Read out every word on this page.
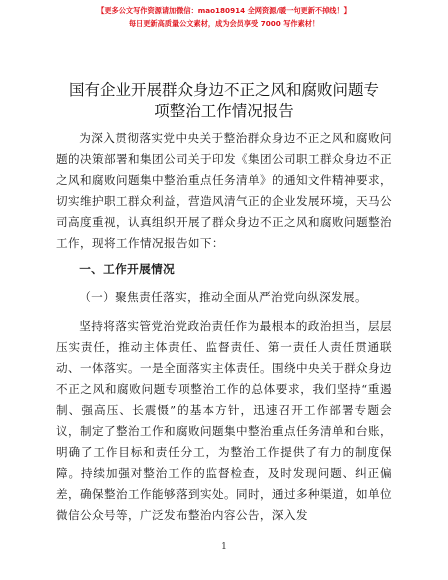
【更多公文写作资源请加微信：mao180914 全网资源/暖一句更新不掉线！】
每日更新高质量公文素材，成为会员享受 7000 写作素材！
国有企业开展群众身边不正之风和腐败问题专
项整治工作情况报告

为深入贯彻落实党中央关于整治群众身边不正之风和腐败问题的决策部署和集团公司关于印发《集团公司职工群众身边不正之风和腐败问题集中整治重点任务清单》的通知文件精神要求，切实维护职工群众利益，营造风清气正的企业发展环境，天马公司高度重视，认真组织开展了群众身边不正之风和腐败问题整治工作，现将工作情况报告如下：

一、工作开展情况

（一）聚焦责任落实，推动全面从严治党向纵深发展。

坚持将落实管党治党政治责任作为最根本的政治担当，层层压实责任，推动主体责任、监督责任、第一责任人责任贯通联动、一体落实。一是全面落实主体责任。围绕中央关于群众身边不正之风和腐败问题专项整治工作的总体要求，我们坚持“重遏制、强高压、长震慑”的基本方针，迅速召开工作部署专题会议，制定了整治工作和腐败问题集中整治重点任务清单和台账，明确了工作目标和责任分工，为整治工作提供了有力的制度保障。持续加强对整治工作的监督检查，及时发现问题、纠正偏差，确保整治工作能够落到实处。同时，通过多种渠道，如单位微信公众号等，广泛发布整治内容公告，深入发

1
